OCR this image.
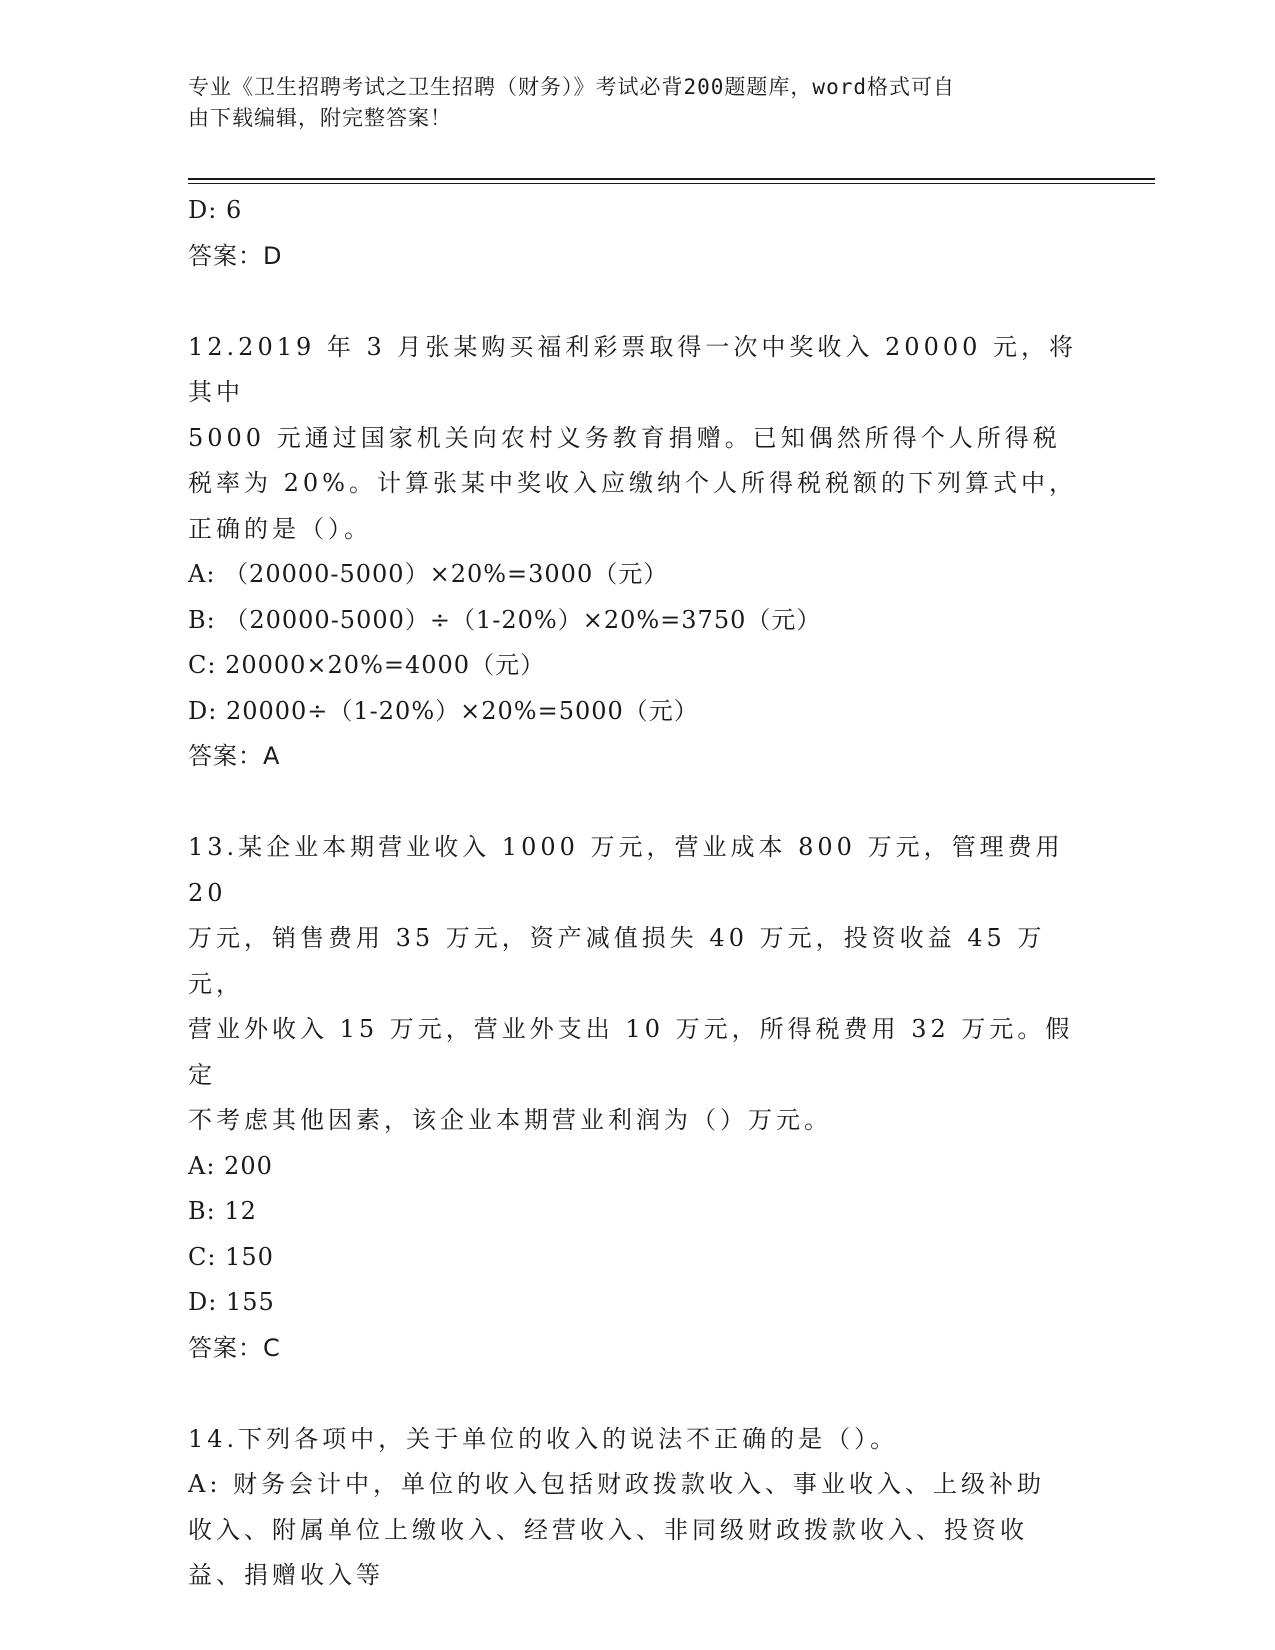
专业《卫生招聘考试之卫生招聘（财务）》考试必背200题题库，word格式可自
由下载编辑，附完整答案！
D: 6
答案：D
12.2019 年 3 月张某购买福利彩票取得一次中奖收入 20000 元，将其中
5000 元通过国家机关向农村义务教育捐赠。已知偶然所得个人所得税
税率为 20%。计算张某中奖收入应缴纳个人所得税税额的下列算式中，
正确的是（）。
A: （20000-5000）×20%=3000（元）
B: （20000-5000）÷（1-20%）×20%=3750（元）
C: 20000×20%=4000（元）
D: 20000÷（1-20%）×20%=5000（元）
答案：A
13.某企业本期营业收入 1000 万元，营业成本 800 万元，管理费用 20
万元，销售费用 35 万元，资产减值损失 40 万元，投资收益 45 万元，
营业外收入 15 万元，营业外支出 10 万元，所得税费用 32 万元。假定
不考虑其他因素，该企业本期营业利润为（）万元。
A: 200
B: 12
C: 150
D: 155
答案：C
14.下列各项中，关于单位的收入的说法不正确的是（）。
A: 财务会计中，单位的收入包括财政拨款收入、事业收入、上级补助
收入、附属单位上缴收入、经营收入、非同级财政拨款收入、投资收
益、捐赠收入等
